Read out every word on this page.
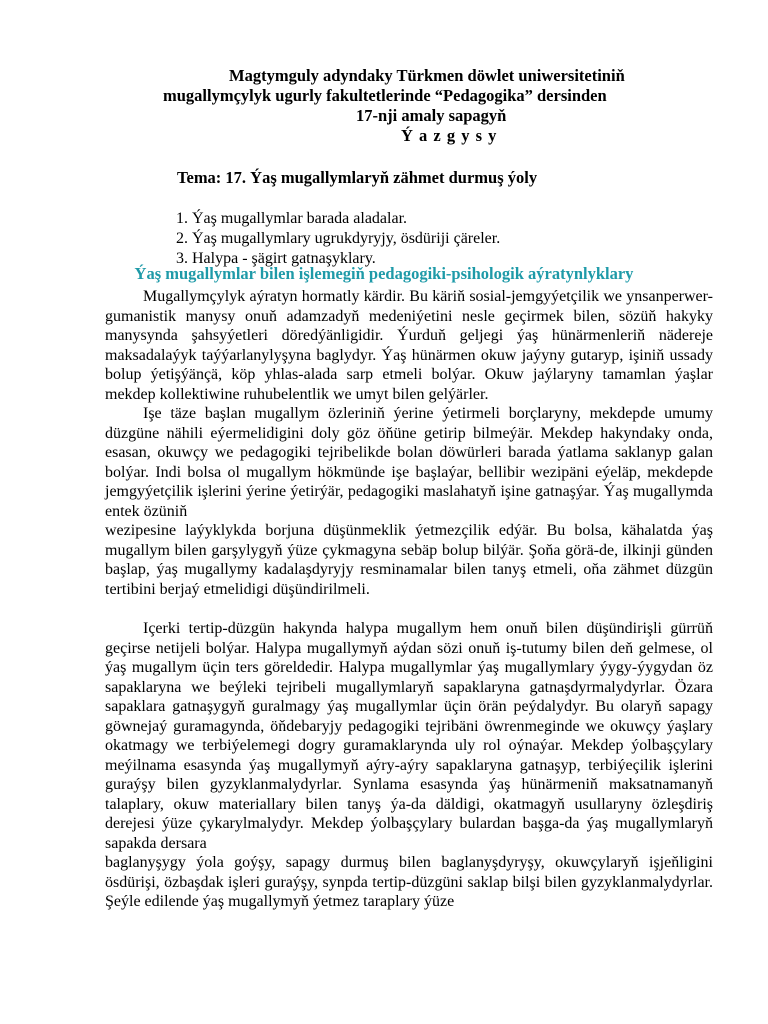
Magtymguly adyndaky Türkmen döwlet uniwersitetiniň
mugallymçylyk ugurly fakultetlerinde “Pedagogika” dersinden
17-nji amaly sapagyň
Ý a z g y s y
Tema: 17. Ýaş mugallymlaryň zähmet durmuş ýoly
1. Ýaş mugallymlar barada aladalar.
2. Ýaş mugallymlary ugrukdyryjy, ösdüriji çäreler.
3. Halypa - şägirt gatnaşyklary.
Ýaş mugallymlar bilen işlemegiň pedagogiki-psihologik aýratynlyklary

Mugallymçylyk aýratyn hormatly kärdir. Bu käriň sosial-jemgyýetçilik we ynsanperwer-gumanistik manysy onuň adamzadyň medeniýetini nesle geçirmek bilen, sözüň hakyky manysynda şahsyýetleri döredýänligidir. Ýurduň geljegi ýaş hünärmenleriň nädereje maksadalaýyk taýýarlanylyşyna baglydyr. Ýaş hünärmen okuw jaýyny gutaryp, işiniň ussady bolup ýetişýänçä, köp yhlas-alada sarp etmeli bolýar. Okuw jaýlaryny tamamlan ýaşlar mekdep kollektiwine ruhubelentlik we umyt bilen gelýärler.

Işe täze başlan mugallym özleriniň ýerine ýetirmeli borçlaryny, mekdepde umumy düzgüne nähili eýermelidigini doly göz öňüne getirip bilmeýär. Mekdep hakyndaky onda, esasan, okuwçy we pedagogiki tejribelikde bolan döwürleri barada ýatlama saklanyp galan bolýar. Indi bolsa ol mugallym hökmünde işe başlaýar, bellibir wezipäni eýeläp, mekdepde jemgyýetçilik işlerini ýerine ýetirýär, pedagogiki maslahatyň işine gatnaşýar. Ýaş mugallymda entek özüniň

wezipesine laýyklykda borjuna düşünmeklik ýetmezçilik edýär. Bu bolsa, kähalatda ýaş mugallym bilen garşylygyň ýüze çykmagyna sebäp bolup bilýär. Şoňa görä-de, ilkinji günden başlap, ýaş mugallymy kadalaşdyryjy resminamalar bilen tanyş etmeli, oňa zähmet düzgün tertibini berjaý etmelidigi düşündirilmeli.

Içerki tertip-düzgün hakynda halypa mugallym hem onuň bilen düşündirişli gürrüň geçirse netijeli bolýar. Halypa mugallymyň aýdan sözi onuň iş-tutumy bilen deň gelmese, ol ýaş mugallym üçin ters göreldedir. Halypa mugallymlar ýaş mugallymlary ýygy-ýygydan öz sapaklaryna we beýleki tejribeli mugallymlaryň sapaklaryna gatnaşdyrmalydyrlar. Özara sapaklara gatnaşygyň guralmagy ýaş mugallymlar üçin örän peýdalydyr. Bu olaryň sapagy göwnejaý guramagynda, öňdebaryjy pedagogiki tejribäni öwrenmeginde we okuwçy ýaşlary okatmagy we terbiýelemegi dogry guramaklarynda uly rol oýnaýar. Mekdep ýolbaşçylary meýilnama esasynda ýaş mugallymyň aýry-aýry sapaklaryna gatnaşyp, terbiýeçilik işlerini guraýşy bilen gyzyklanmalydyrlar. Synlama esasynda ýaş hünärmeniň maksatnamanyň talaplary, okuw materiallary bilen tanyş ýa-da däldigi, okatmagyň usullaryny özleşdiriş derejesi ýüze çykarylmalydyr. Mekdep ýolbaşçylary bulardan başga-da ýaş mugallymlaryň sapakda dersara

baglanyşygy ýola goýşy, sapagy durmuş bilen baglanyşdyryşy, okuwçylaryň işjeňligini ösdürişi, özbaşdak işleri guraýşy, synpda tertip-düzgüni saklap bilşi bilen gyzyklanmalydyrlar. Şeýle edilende ýaş mugallymyň ýetmez taraplary ýüze
